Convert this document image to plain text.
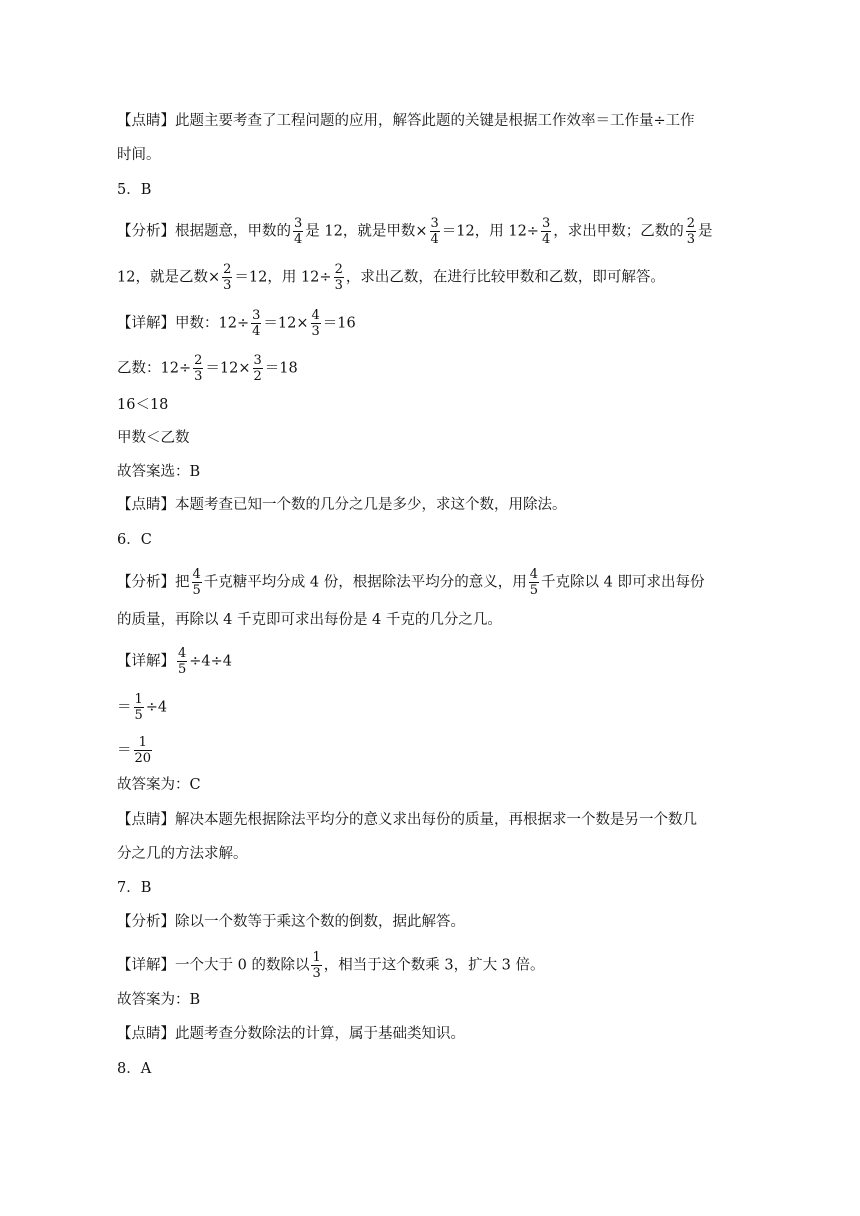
【点睛】此题主要考查了工程问题的应用，解答此题的关键是根据工作效率＝工作量÷工作
时间。
5．B
【分析】根据题意，甲数的 $\frac{3}{4}$ 是 12，就是甲数× $\frac{3}{4} =12$，用 $12\div \frac{3}{4}$ ，求出甲数；乙数的 $\frac{2}{3}$ 是
12，就是乙数× $\frac{2}{3} =12$，用 $12\div \frac{2}{3}$ ，求出乙数，在进行比较甲数和乙数，即可解答。
【详解】甲数：$12\div \frac{3}{4} =12\times \frac{4}{3} =16$
乙数：$12\div \frac{2}{3} =12\times \frac{3}{2} =18$
16＜18
甲数＜乙数
故答案选：B
【点睛】本题考查已知一个数的几分之几是多少，求这个数，用除法。
6．C
【分析】把 $\frac{4}{5}$ 千克糖平均分成 4 份，根据除法平均分的意义，用 $\frac{4}{5}$ 千克除以 4 即可求出每份
的质量，再除以 4 千克即可求出每份是 4 千克的几分之几。
【详解】 $\frac{4}{5} \div 4\div 4$
＝ $\frac{1}{5} \div 4$
＝ $\frac{1}{20}$
故答案为：C
【点睛】解决本题先根据除法平均分的意义求出每份的质量，再根据求一个数是另一个数几
分之几的方法求解。
7．B
【分析】除以一个数等于乘这个数的倒数，据此解答。
【详解】一个大于 0 的数除以 $\frac{1}{3}$ ，相当于这个数乘 3，扩大 3 倍。
故答案为：B
【点睛】此题考查分数除法的计算，属于基础类知识。
8．A
